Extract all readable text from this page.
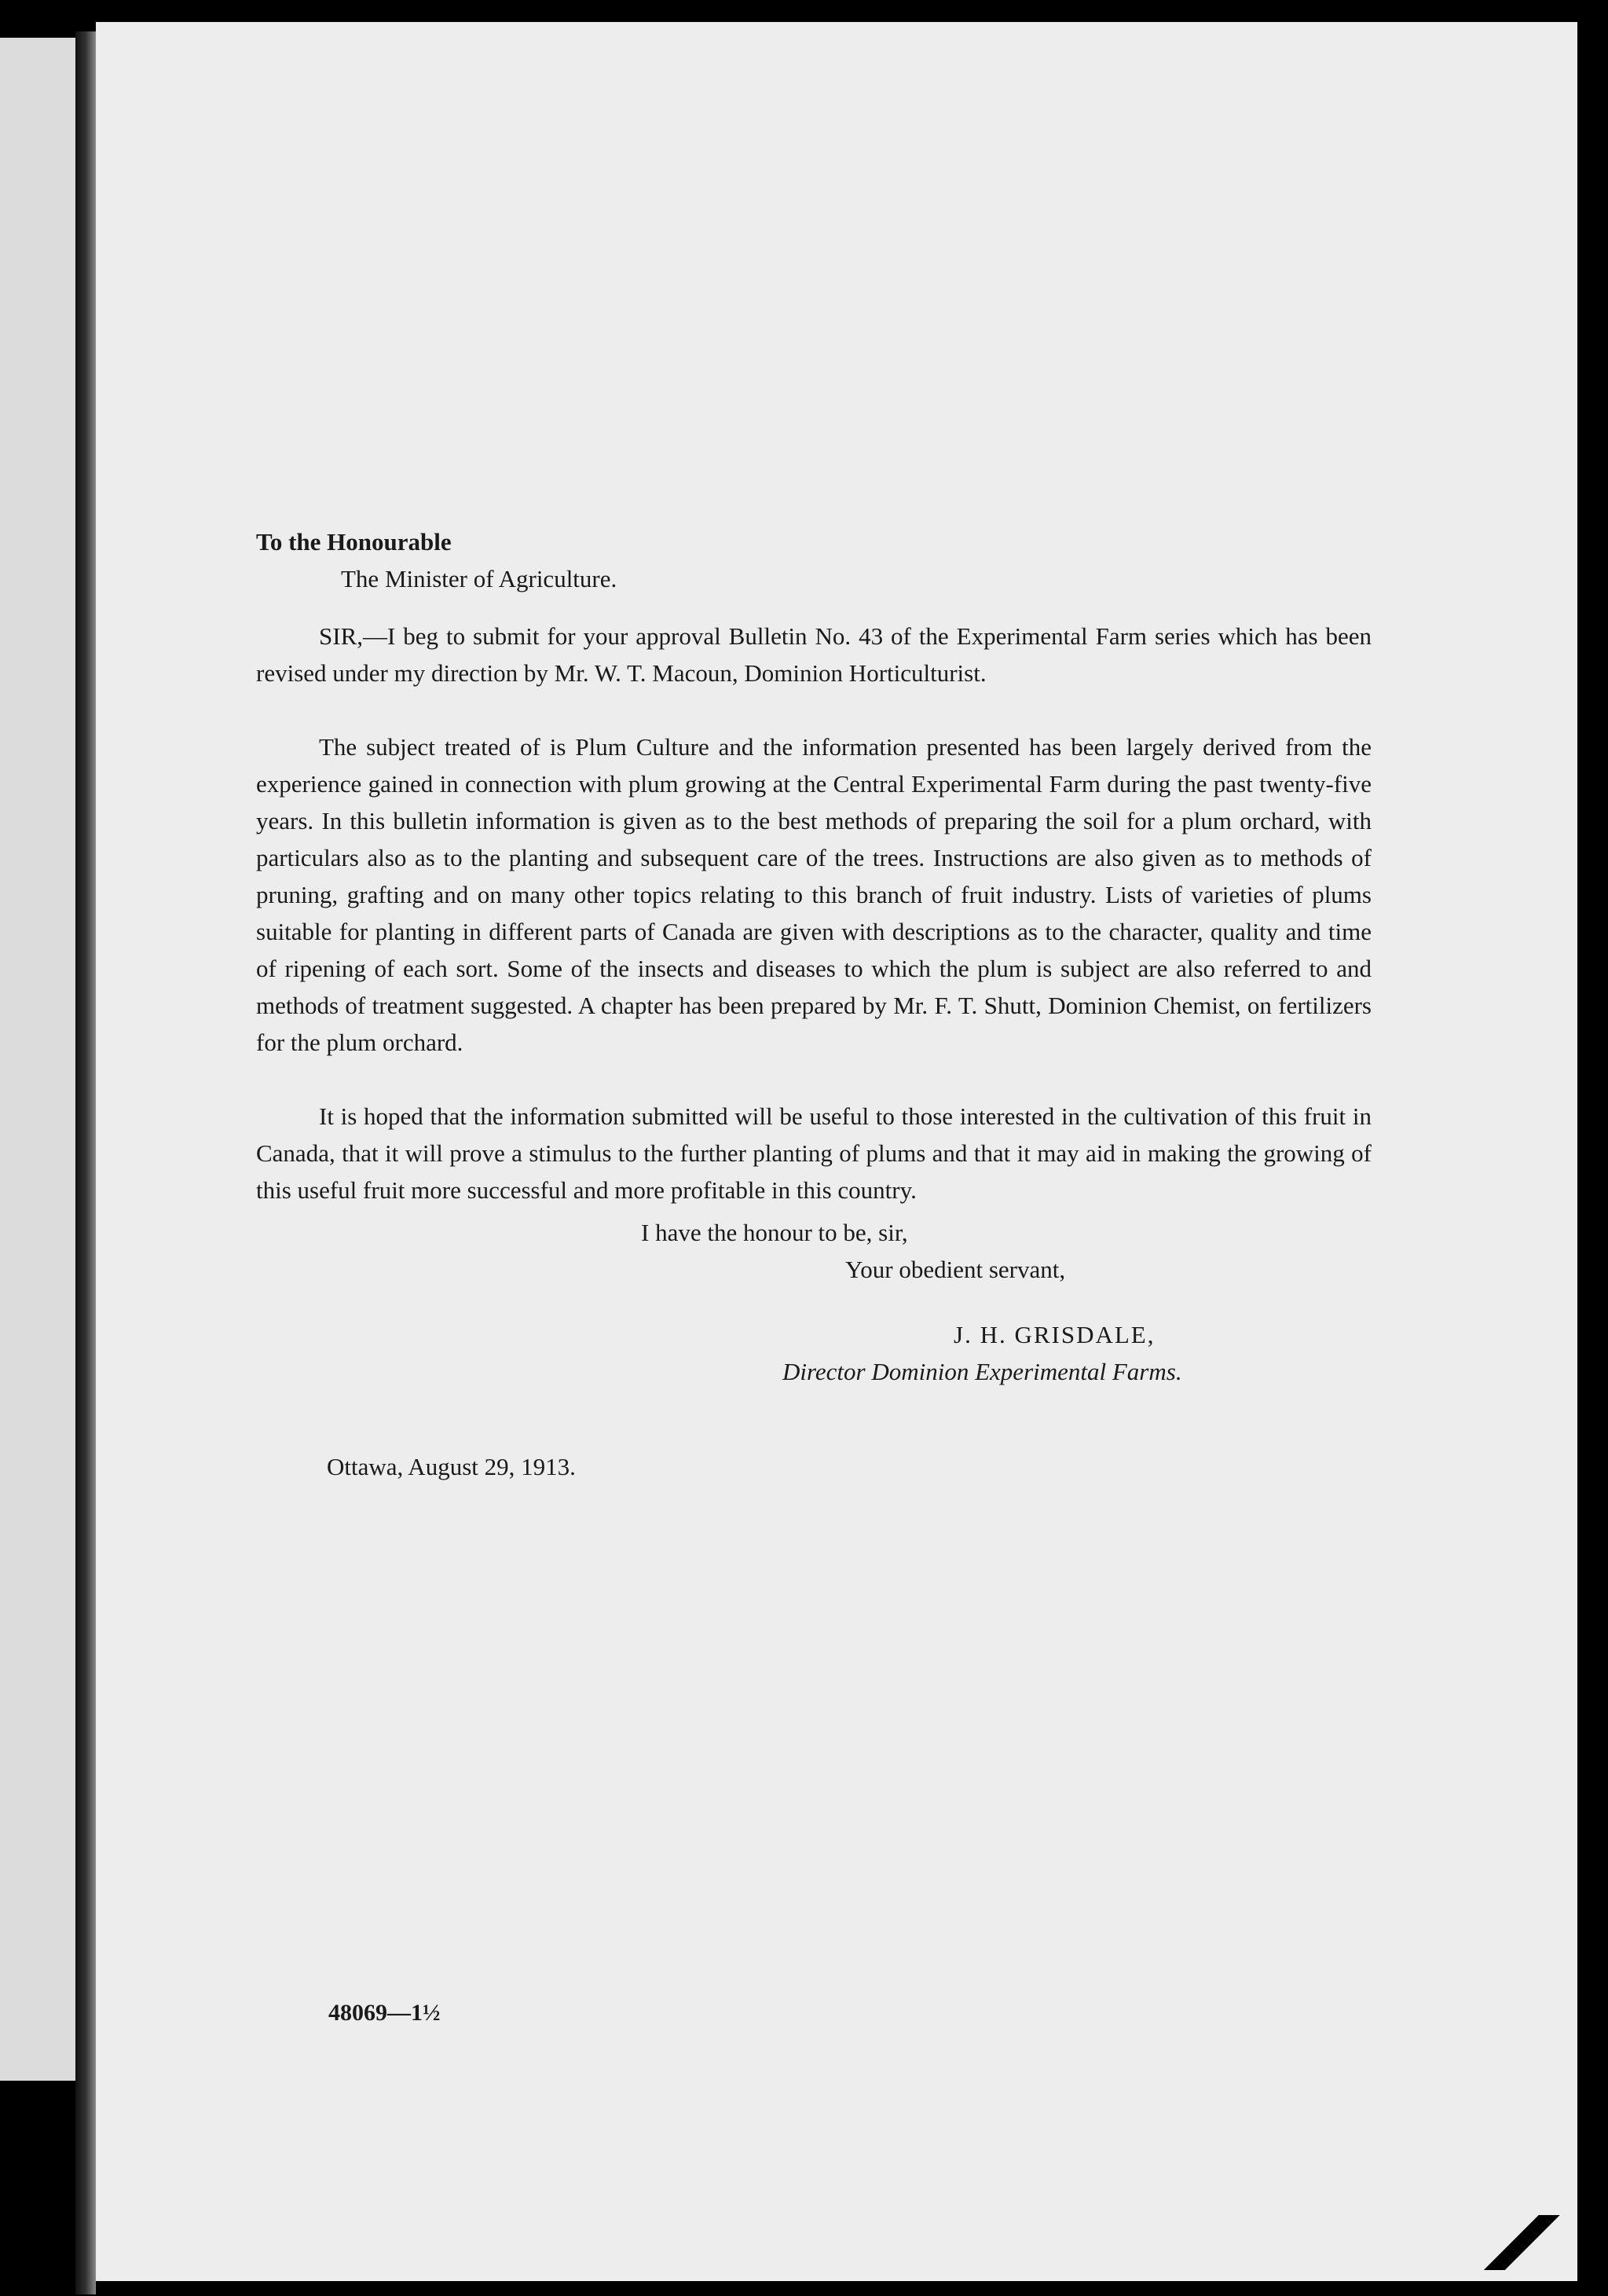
To the Honourable

The Minister of Agriculture.

SIR,—I beg to submit for your approval Bulletin No. 43 of the Experimental Farm series which has been revised under my direction by Mr. W. T. Macoun, Dominion Horticulturist.

The subject treated of is Plum Culture and the information presented has been largely derived from the experience gained in connection with plum growing at the Central Experimental Farm during the past twenty-five years. In this bulletin information is given as to the best methods of preparing the soil for a plum orchard, with particulars also as to the planting and subsequent care of the trees. Instructions are also given as to methods of pruning, grafting and on many other topics relating to this branch of fruit industry. Lists of varieties of plums suitable for planting in different parts of Canada are given with descriptions as to the character, quality and time of ripening of each sort. Some of the insects and diseases to which the plum is subject are also referred to and methods of treatment suggested. A chapter has been prepared by Mr. F. T. Shutt, Dominion Chemist, on fertilizers for the plum orchard.

It is hoped that the information submitted will be useful to those interested in the cultivation of this fruit in Canada, that it will prove a stimulus to the further planting of plums and that it may aid in making the growing of this useful fruit more successful and more profitable in this country.

I have the honour to be, sir,

Your obedient servant,

J. H. GRISDALE,

Director Dominion Experimental Farms.

Ottawa, August 29, 1913.

48069—1½
